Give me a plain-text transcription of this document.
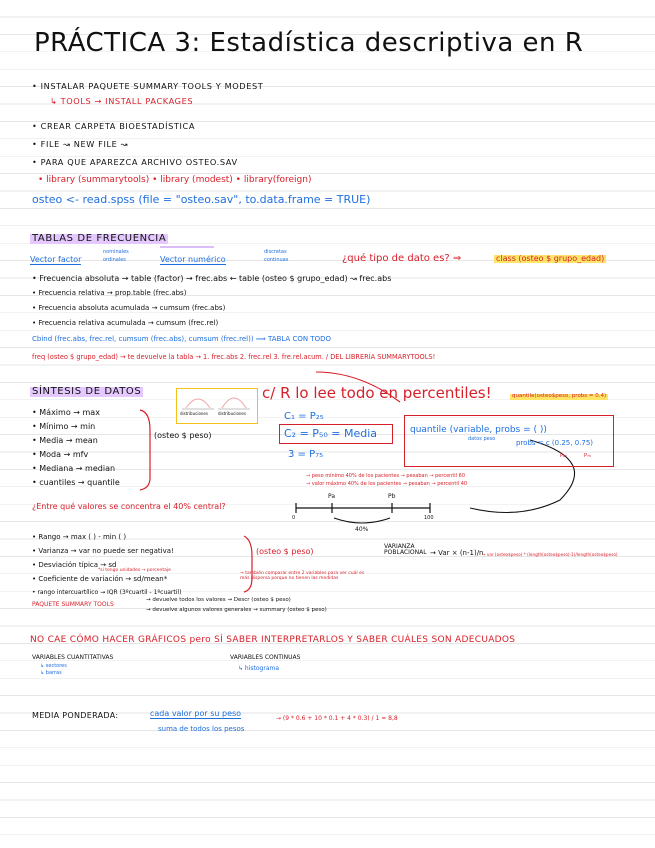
PRÁCTICA 3: Estadística descriptiva en R
• INSTALAR PAQUETE SUMMARY TOOLS Y MODEST
↳ TOOLS → INSTALL PACKAGES
• CREAR CARPETA BIOESTADÍSTICA
• FILE ↝ NEW FILE ↝
• PARA QUE APAREZCA ARCHIVO OSTEO.SAV
• library (summarytools) • library (modest) • library(foreign)
osteo <- read.spss (file = "osteo.sav", to.data.frame = TRUE)
TABLAS DE FRECUENCIA
Vector factor
nominales
ordinales	Vector numérico
discretas
continuas	¿qué tipo de dato es? ⇒	class (osteo $ grupo_edad)
• Frecuencia absoluta → table (factor) → frec.abs ← table (osteo $ grupo_edad) ↝ frec.abs
• Frecuencia relativa → prop.table (frec.abs)
• Frecuencia absoluta acumulada → cumsum (frec.abs)
• Frecuencia relativa acumulada → cumsum (frec.rel)
Cbind (frec.abs, frec.rel, cumsum (frec.abs), cumsum (frec.rel)) ⟹ TABLA CON TODO
freq (osteo $ grupo_edad) → te devuelve la tabla → 1. frec.abs 2. frec.rel 3. fre.rel.acum. / DEL LIBRERÍA SUMMARYTOOLS!
SÍNTESIS DE DATOS
• Máximo → max
• Mínimo → min
• Media → mean
• Moda → mfv
• Mediana → median
• cuantiles → quantile
(osteo $ peso)
distribuciones	distribuciones
c/ R lo lee todo en percentiles!	quantile(osteo$peso, probs = 0.4)
C₁ = P₂₅
C₂ = P₅₀ = Media
3 = P₇₅
quantile (variable, probs = ( ))
datos peso	probs = c (0.25, 0.75)
P₂₅	P₇₅
→ peso mínimo 40% de los pacientes → pesaban → percentil 60
→ valor máximo 40% de los pacientes → pesaban → percentil 40
¿Entre qué valores se concentra el 40% central?
Pa	Pb
40%
0	100
• Rango → max ( ) - min ( )
• Varianza → var no puede ser negativa!
• Desviación típica → sd
*si tengo unidades → porcentaje
• Coeficiente de variación → sd/mean*
• rango intercuartílico → IQR (3ºcuartil - 1ºcuartil)
(osteo $ peso)
→ también comparar entre 2 variables para ver cuál es más dispersa porque no tienen las medidas
VARIANZA POBLACIONAL → Var × (n-1)/n
→ var (osteo$peso) * (length(osteo$peso)-1)/length(osteo$peso)
PAQUETE SUMMARY TOOLS
→ devuelve todos los valores → Descr (osteo $ peso)
→ devuelve algunos valores generales → summary (osteo $ peso)
NO CAE CÓMO HACER GRÁFICOS pero SÍ SABER INTERPRETARLOS Y SABER CUÁLES SON ADECUADOS
VARIABLES CUANTITATIVAS
↳ sectores
↳ barras
VARIABLES CONTINUAS
↳ histograma
MEDIA PONDERADA:	cada valor por su peso
suma de todos los pesos
→ (9 * 0.6 + 10 * 0.1 + 4 * 0.3) / 1 = 8,8
